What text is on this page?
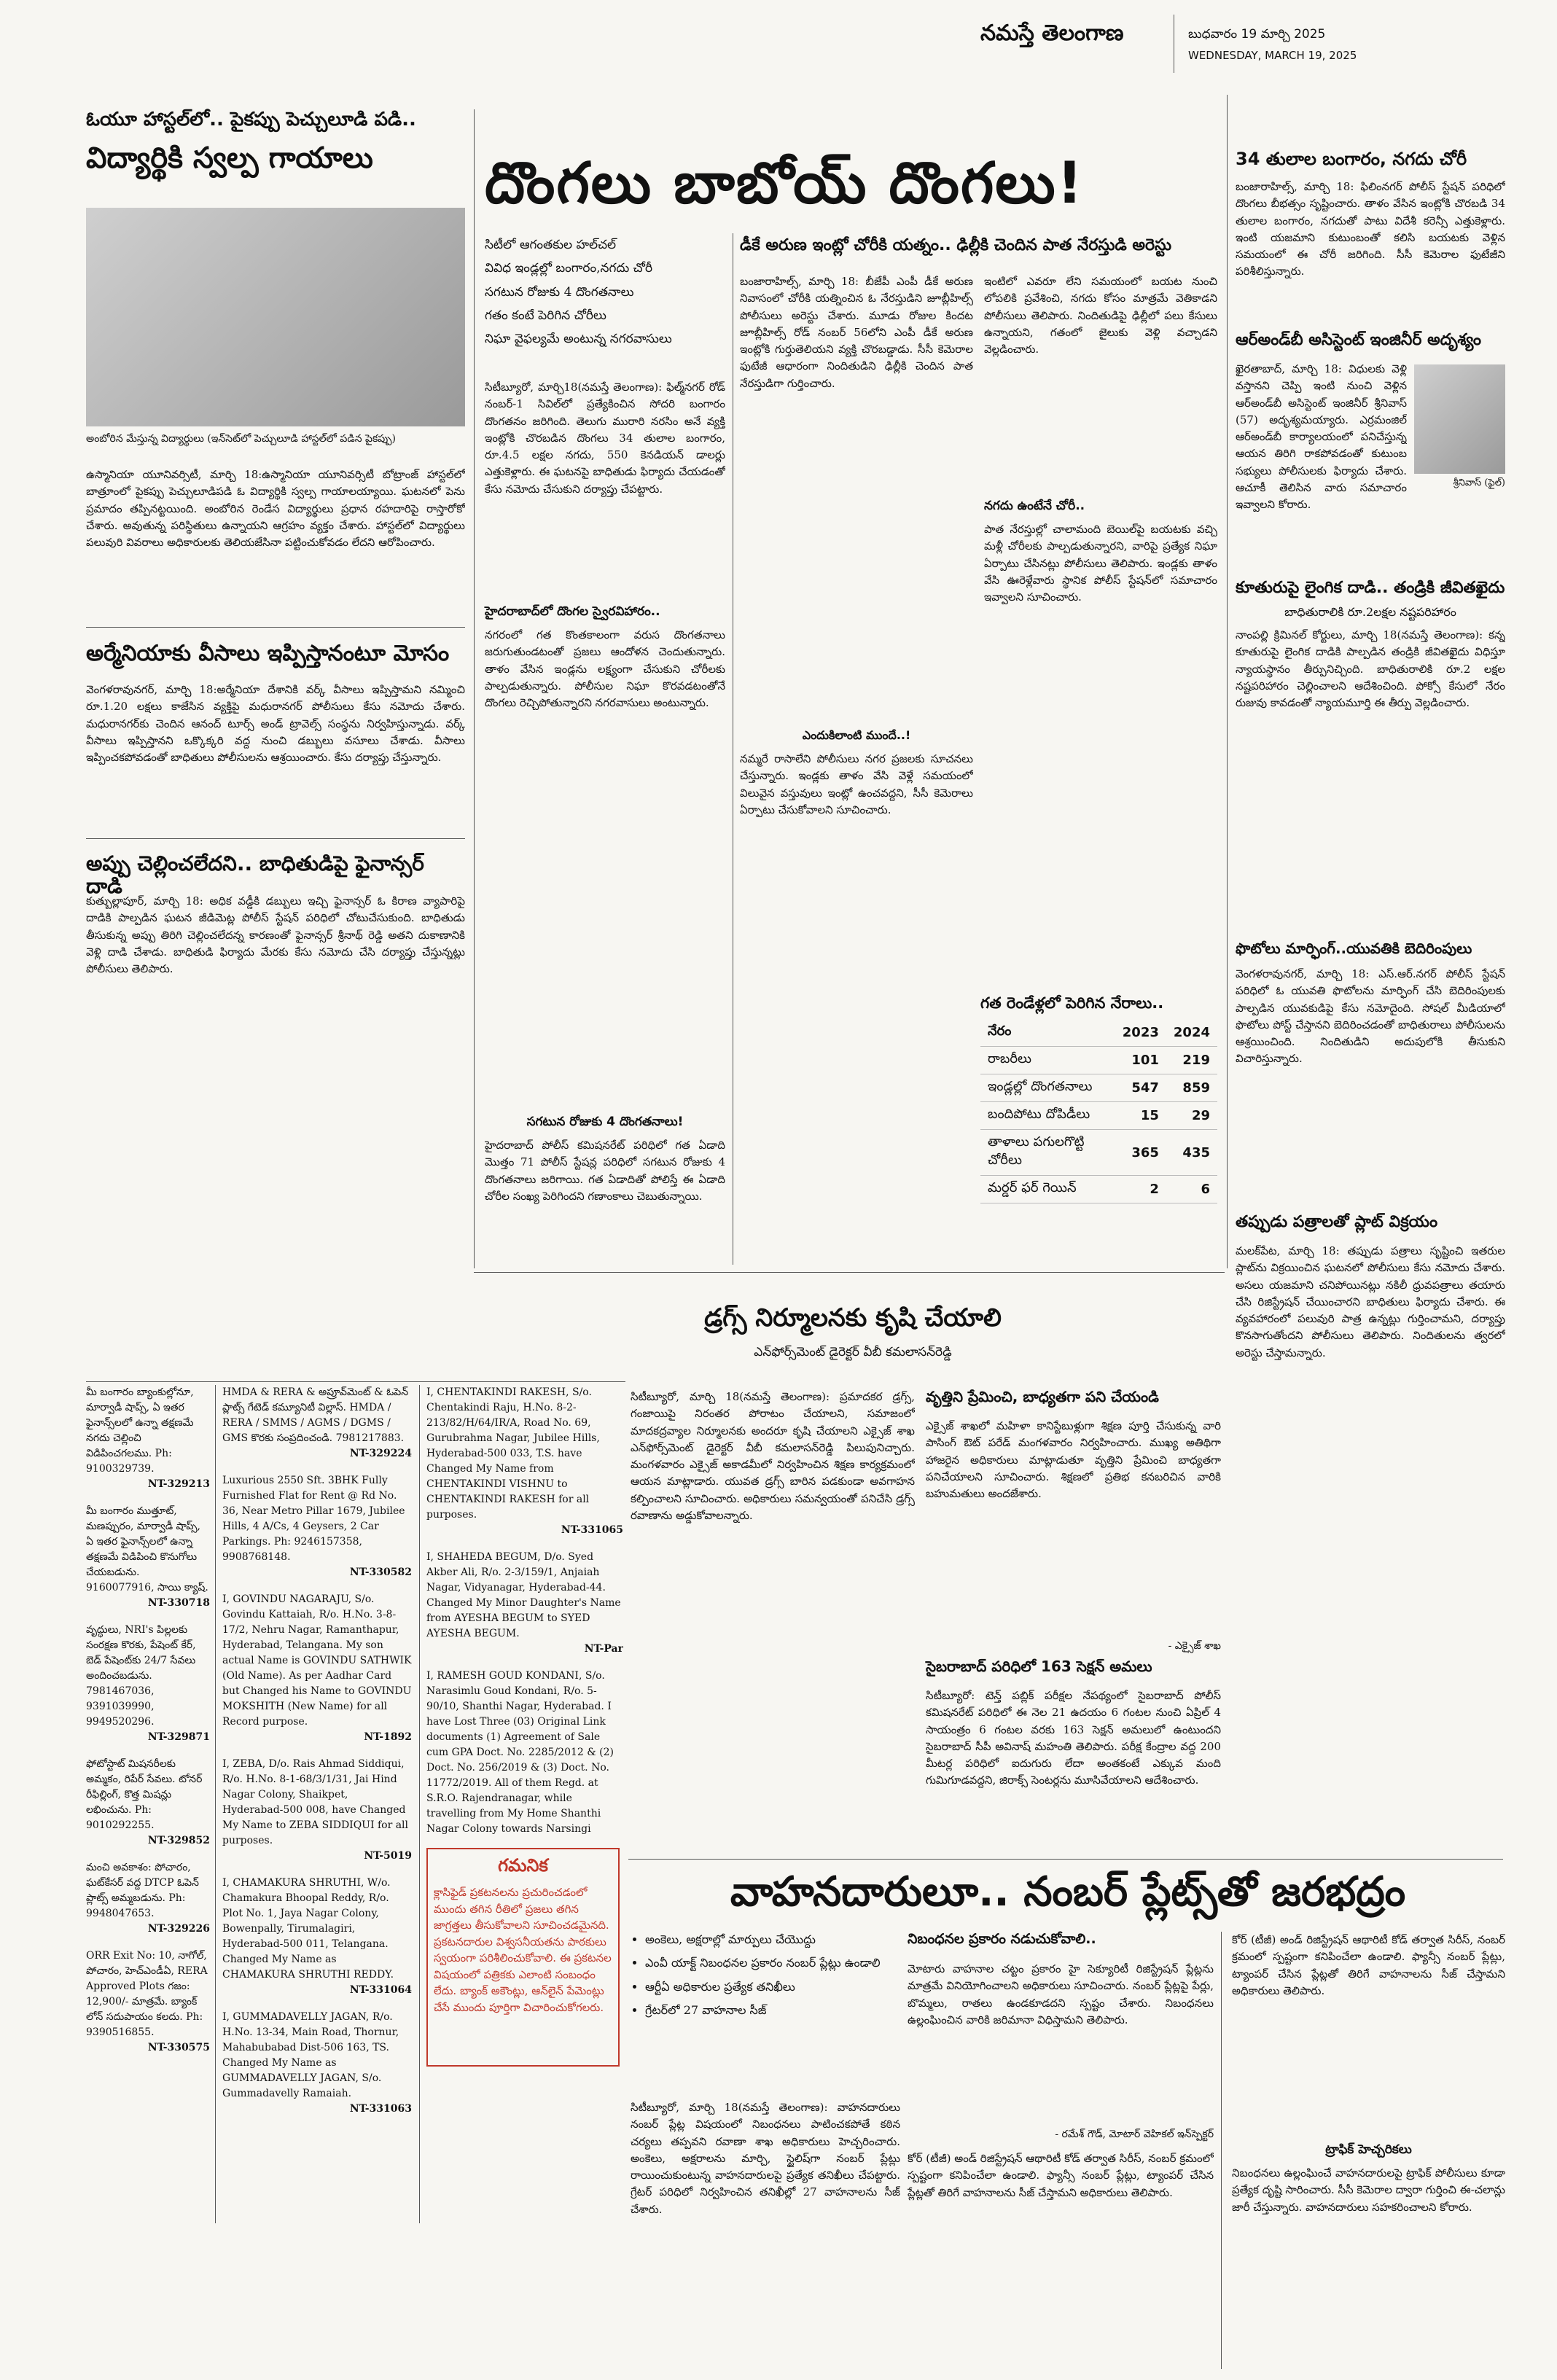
నమస్తే తెలంగాణ	బుధవారం 19 మార్చి 2025
WEDNESDAY, MARCH 19, 2025
ఓయూ హాస్టల్‌లో.. పైకప్పు పెచ్చులూడి పడి..
విద్యార్థికి స్వల్ప గాయాలు
అంబోరిన మేస్తున్న విద్యార్థులు (ఇన్‌సెట్‌లో పెచ్చులూడి హాస్టల్‌లో పడిన పైకప్పు)
ఉస్మానియా యూనివర్సిటీ, మార్చి 18:ఉస్మానియా యూనివర్సిటీ బోట్రాంజ్ హాస్టల్‌లో బాత్రూంలో పైకప్పు పెచ్చులూడిపడి ఓ విద్యార్థికి స్వల్ప గాయాలయ్యాయి. ఘటనలో పెను ప్రమాదం తప్పినట్టయింది. అంబోరిన రెండేస విద్యార్థులు ప్రధాన రహదారిపై రాస్తారోకో చేశారు. అవుతున్న పరిస్థితులు ఉన్నాయని ఆగ్రహం వ్యక్తం చేశారు. హాస్టల్‌లో విద్యార్థులు పలువురి వివరాలు అధికారులకు తెలియజేసినా పట్టించుకోవడం లేదని ఆరోపించారు.
అర్మేనియాకు వీసాలు ఇప్పిస్తానంటూ మోసం
వెంగళరావునగర్, మార్చి 18:అర్మేనియా దేశానికి వర్క్ వీసాలు ఇప్పిస్తామని నమ్మించి రూ.1.20 లక్షలు కాజేసిన వ్యక్తిపై మధురానగర్ పోలీసులు కేసు నమోదు చేశారు. మధురానగర్‌కు చెందిన ఆనంద్ టూర్స్ అండ్ ట్రావెల్స్ సంస్థను నిర్వహిస్తున్నాడు. వర్క్ వీసాలు ఇప్పిస్తానని ఒక్కొక్కరి వద్ద నుంచి డబ్బులు వసూలు చేశాడు. వీసాలు ఇప్పించకపోవడంతో బాధితులు పోలీసులను ఆశ్రయించారు. కేసు దర్యాప్తు చేస్తున్నారు.
అప్పు చెల్లించలేదని.. బాధితుడిపై ఫైనాన్సర్ దాడి
కుత్బుల్లాపూర్, మార్చి 18: అధిక వడ్డీకి డబ్బులు ఇచ్చి ఫైనాన్సర్ ఓ కిరాణ వ్యాపారిపై దాడికి పాల్పడిన ఘటన జీడిమెట్ల పోలీస్ స్టేషన్ పరిధిలో చోటుచేసుకుంది. బాధితుడు తీసుకున్న అప్పు తిరిగి చెల్లించలేదన్న కారణంతో ఫైనాన్సర్ శ్రీనాథ్ రెడ్డి అతని దుకాణానికి వెళ్లి దాడి చేశాడు. బాధితుడి ఫిర్యాదు మేరకు కేసు నమోదు చేసి దర్యాప్తు చేస్తున్నట్లు పోలీసులు తెలిపారు.
దొంగలు బాబోయ్ దొంగలు!
సిటీలో ఆగంతకుల హల్‌చల్
వివిధ ఇండ్లల్లో బంగారం,నగదు చోరీ
సగటున రోజుకు 4 దొంగతనాలు
గతం కంటే పెరిగిన చోరీలు
నిఘా వైఫల్యమే అంటున్న నగరవాసులు
సిటీబ్యూరో, మార్చి18(నమస్తే తెలంగాణ): ఫిల్మ్‌నగర్ రోడ్ నంబర్-1 సివిల్‌లో ప్రత్యేకించిన సోదరి బంగారం దొంగతనం జరిగింది. తెలుగు మురారి నరసిం అనే వ్యక్తి ఇంట్లోకి చొరబడిన దొంగలు 34 తులాల బంగారం, రూ.4.5 లక్షల నగదు, 550 కెనడియన్ డాలర్లు ఎత్తుకెళ్లారు. ఈ ఘటనపై బాధితుడు ఫిర్యాదు చేయడంతో కేసు నమోదు చేసుకుని దర్యాప్తు చేపట్టారు.
హైదరాబాద్‌లో దొంగల స్వైరవిహారం..
నగరంలో గత కొంతకాలంగా వరుస దొంగతనాలు జరుగుతుండటంతో ప్రజలు ఆందోళన చెందుతున్నారు. తాళం వేసిన ఇండ్లను లక్ష్యంగా చేసుకుని చోరీలకు పాల్పడుతున్నారు. పోలీసుల నిఘా కొరవడటంతోనే దొంగలు రెచ్చిపోతున్నారని నగరవాసులు అంటున్నారు.
సగటున రోజుకు 4 దొంగతనాలు!
హైదరాబాద్ పోలీస్ కమిషనరేట్ పరిధిలో గత ఏడాది మొత్తం 71 పోలీస్ స్టేషన్ల పరిధిలో సగటున రోజుకు 4 దొంగతనాలు జరిగాయి. గత ఏడాదితో పోలిస్తే ఈ ఏడాది చోరీల సంఖ్య పెరిగిందని గణాంకాలు చెబుతున్నాయి.
డీకే అరుణ ఇంట్లో చోరీకి యత్నం.. ఢిల్లీకి చెందిన పాత నేరస్తుడి అరెస్టు
బంజారాహిల్స్, మార్చి 18: బీజేపీ ఎంపీ డీకే అరుణ నివాసంలో చోరీకి యత్నించిన ఓ నేరస్తుడిని జూబ్లీహిల్స్ పోలీసులు అరెస్టు చేశారు. మూడు రోజుల కిందట జూబ్లీహిల్స్ రోడ్ నంబర్ 56లోని ఎంపీ డీకే అరుణ ఇంట్లోకి గుర్తుతెలియని వ్యక్తి చొరబడ్డాడు. సీసీ కెమెరాల ఫుటేజీ ఆధారంగా నిందితుడిని ఢిల్లీకి చెందిన పాత నేరస్తుడిగా గుర్తించారు.
ఇంటిలో ఎవరూ లేని సమయంలో బయట నుంచి లోపలికి ప్రవేశించి, నగదు కోసం మాత్రమే వెతికాడని పోలీసులు తెలిపారు. నిందితుడిపై ఢిల్లీలో పలు కేసులు ఉన్నాయని, గతంలో జైలుకు వెళ్లి వచ్చాడని వెల్లడించారు.
నగదు ఉంటేనే చోరీ..
పాత నేరస్తుల్లో చాలామంది బెయిల్‌పై బయటకు వచ్చి మళ్లీ చోరీలకు పాల్పడుతున్నారని, వారిపై ప్రత్యేక నిఘా ఏర్పాటు చేసినట్లు పోలీసులు తెలిపారు. ఇండ్లకు తాళం వేసి ఊరెళ్లేవారు స్థానిక పోలీస్ స్టేషన్‌లో సమాచారం ఇవ్వాలని సూచించారు.
ఎందుకిలాంటి ముందే..!
నమ్మరే రాసాలేని పోలీసులు నగర ప్రజలకు సూచనలు చేస్తున్నారు. ఇండ్లకు తాళం వేసి వెళ్లే సమయంలో విలువైన వస్తువులు ఇంట్లో ఉంచవద్దని, సీసీ కెమెరాలు ఏర్పాటు చేసుకోవాలని సూచించారు.
గత రెండేళ్లలో పెరిగిన నేరాలు..
నేరం	2023	2024
రాబరీలు	101	219
ఇండ్లల్లో దొంగతనాలు	547	859
బందిపోటు దోపిడీలు	15	29
తాళాలు పగులగొట్టి చోరీలు	365	435
మర్డర్ ఫర్ గెయిన్	2	6
34 తులాల బంగారం, నగదు చోరీ
బంజారాహిల్స్, మార్చి 18: ఫిలింనగర్ పోలీస్ స్టేషన్ పరిధిలో దొంగలు బీభత్సం సృష్టించారు. తాళం వేసిన ఇంట్లోకి చొరబడి 34 తులాల బంగారం, నగదుతో పాటు విదేశీ కరెన్సీ ఎత్తుకెళ్లారు. ఇంటి యజమాని కుటుంబంతో కలిసి బయటకు వెళ్లిన సమయంలో ఈ చోరీ జరిగింది. సీసీ కెమెరాల ఫుటేజీని పరిశీలిస్తున్నారు.
ఆర్‌అండ్‌బీ అసిస్టెంట్ ఇంజినీర్ అదృశ్యం
శ్రీనివాస్ (ఫైల్)
ఖైరతాబాద్, మార్చి 18: విధులకు వెళ్లి వస్తానని చెప్పి ఇంటి నుంచి వెళ్లిన ఆర్‌అండ్‌బీ అసిస్టెంట్ ఇంజినీర్ శ్రీనివాస్ (57) అదృశ్యమయ్యారు. ఎర్రమంజిల్ ఆర్‌అండ్‌బీ కార్యాలయంలో పనిచేస్తున్న ఆయన తిరిగి రాకపోవడంతో కుటుంబ సభ్యులు పోలీసులకు ఫిర్యాదు చేశారు. ఆచూకీ తెలిసిన వారు సమాచారం ఇవ్వాలని కోరారు.
కూతురుపై లైంగిక దాడి.. తండ్రికి జీవితఖైదు
బాధితురాలికి రూ.2లక్షల నష్టపరిహారం
నాంపల్లి క్రిమినల్ కోర్టులు, మార్చి 18(నమస్తే తెలంగాణ): కన్న కూతురుపై లైంగిక దాడికి పాల్పడిన తండ్రికి జీవితఖైదు విధిస్తూ న్యాయస్థానం తీర్పునిచ్చింది. బాధితురాలికి రూ.2 లక్షల నష్టపరిహారం చెల్లించాలని ఆదేశించింది. పోక్సో కేసులో నేరం రుజువు కావడంతో న్యాయమూర్తి ఈ తీర్పు వెల్లడించారు.
ఫొటోలు మార్ఫింగ్..యువతికి బెదిరింపులు
వెంగళరావునగర్, మార్చి 18: ఎస్.ఆర్.నగర్ పోలీస్ స్టేషన్ పరిధిలో ఓ యువతి ఫొటోలను మార్ఫింగ్ చేసి బెదిరింపులకు పాల్పడిన యువకుడిపై కేసు నమోదైంది. సోషల్ మీడియాలో ఫొటోలు పోస్ట్ చేస్తానని బెదిరించడంతో బాధితురాలు పోలీసులను ఆశ్రయించింది. నిందితుడిని అదుపులోకి తీసుకుని విచారిస్తున్నారు.
తప్పుడు పత్రాలతో ప్లాట్ విక్రయం
మలక్‌పేట, మార్చి 18: తప్పుడు పత్రాలు సృష్టించి ఇతరుల ప్లాట్‌ను విక్రయించిన ఘటనలో పోలీసులు కేసు నమోదు చేశారు. అసలు యజమాని చనిపోయినట్లు నకిలీ ధ్రువపత్రాలు తయారు చేసి రిజిస్ట్రేషన్ చేయించారని బాధితులు ఫిర్యాదు చేశారు. ఈ వ్యవహారంలో పలువురి పాత్ర ఉన్నట్లు గుర్తించామని, దర్యాప్తు కొనసాగుతోందని పోలీసులు తెలిపారు. నిందితులను త్వరలో అరెస్టు చేస్తామన్నారు.
డ్రగ్స్ నిర్మూలనకు కృషి చేయాలి
ఎన్‌ఫోర్స్‌మెంట్ డైరెక్టర్ వీబీ కమలాసన్‌రెడ్డి
సిటీబ్యూరో, మార్చి 18(నమస్తే తెలంగాణ): ప్రమాదకర డ్రగ్స్, గంజాయిపై నిరంతర పోరాటం చేయాలని, సమాజంలో మాదకద్రవ్యాల నిర్మూలనకు అందరూ కృషి చేయాలని ఎక్సైజ్ శాఖ ఎన్‌ఫోర్స్‌మెంట్ డైరెక్టర్ వీబీ కమలాసన్‌రెడ్డి పిలుపునిచ్చారు. మంగళవారం ఎక్సైజ్ అకాడమీలో నిర్వహించిన శిక్షణ కార్యక్రమంలో ఆయన మాట్లాడారు. యువత డ్రగ్స్ బారిన పడకుండా అవగాహన కల్పించాలని సూచించారు. అధికారులు సమన్వయంతో పనిచేసి డ్రగ్స్ రవాణాను అడ్డుకోవాలన్నారు.
వృత్తిని ప్రేమించి, బాధ్యతగా పని చేయండి
ఎక్సైజ్ శాఖలో మహిళా కానిస్టేబుళ్లుగా శిక్షణ పూర్తి చేసుకున్న వారి పాసింగ్ ఔట్ పరేడ్ మంగళవారం నిర్వహించారు. ముఖ్య అతిథిగా హాజరైన అధికారులు మాట్లాడుతూ వృత్తిని ప్రేమించి బాధ్యతగా పనిచేయాలని సూచించారు. శిక్షణలో ప్రతిభ కనబరిచిన వారికి బహుమతులు అందజేశారు.
- ఎక్సైజ్ శాఖ
సైబరాబాద్ పరిధిలో 163 సెక్షన్ అమలు
సిటీబ్యూరో: టెన్త్ పబ్లిక్ పరీక్షల నేపథ్యంలో సైబరాబాద్ పోలీస్ కమిషనరేట్ పరిధిలో ఈ నెల 21 ఉదయం 6 గంటల నుంచి ఏప్రిల్ 4 సాయంత్రం 6 గంటల వరకు 163 సెక్షన్ అమలులో ఉంటుందని సైబరాబాద్ సీపీ అవినాష్ మహంతి తెలిపారు. పరీక్ష కేంద్రాల వద్ద 200 మీటర్ల పరిధిలో ఐదుగురు లేదా అంతకంటే ఎక్కువ మంది గుమిగూడవద్దని, జిరాక్స్ సెంటర్లను మూసివేయాలని ఆదేశించారు.
మీ బంగారం బ్యాంకుల్లోనూ, మార్వాడీ షాప్స్, ఏ ఇతర ఫైనాన్స్‌లలో ఉన్నా తక్షణమే నగదు చెల్లించి విడిపించగలము. Ph: 9100329739.
NT-329213
మీ బంగారం ముత్తూట్, మణప్పురం, మార్వాడీ షాప్స్, ఏ ఇతర ఫైనాన్స్‌లలో ఉన్నా తక్షణమే విడిపించి కొనుగోలు చేయబడును. 9160077916, సాయి క్యాష్.
NT-330718
వృద్ధులు, NRI's పిల్లలకు సంరక్షణ కొరకు, పేషెంట్ కేర్, బెడ్ పేషెంట్‌కు 24/7 సేవలు అందించబడును. 7981467036, 9391039990, 9949520296.
NT-329871
ఫోటోస్టాట్ మిషనరీలకు అమ్మకం, రిపేర్ సేవలు. టోనర్ రీఫిల్లింగ్, కొత్త మిషన్లు లభించును. Ph: 9010292255.
NT-329852
మంచి అవకాశం: పోచారం, ఘట్‌కేసర్ వద్ద DTCP ఓపెన్ ప్లాట్స్ అమ్మబడును. Ph: 9948047653.
NT-329226
ORR Exit No: 10, నాగోల్, పోచారం, హెచ్ఎండీఏ, RERA Approved Plots గజం: 12,900/- మాత్రమే. బ్యాంక్ లోన్ సదుపాయం కలదు. Ph: 9390516855.
NT-330575
HMDA & RERA & అప్రూవ్‌మెంట్ & ఓపెన్ ప్లాట్స్ గేటెడ్ కమ్యూనిటీ విల్లాస్. HMDA / RERA / SMMS / AGMS / DGMS / GMS కొరకు సంప్రదించండి. 7981217883.
NT-329224
Luxurious 2550 Sft. 3BHK Fully Furnished Flat for Rent @ Rd No. 36, Near Metro Pillar 1679, Jubilee Hills, 4 A/Cs, 4 Geysers, 2 Car Parkings. Ph: 9246157358, 9908768148.
NT-330582
I, GOVINDU NAGARAJU, S/o. Govindu Kattaiah, R/o. H.No. 3-8-17/2, Nehru Nagar, Ramanthapur, Hyderabad, Telangana. My son actual Name is GOVINDU SATHWIK (Old Name). As per Aadhar Card but Changed his Name to GOVINDU MOKSHITH (New Name) for all Record purpose.
NT-1892
I, ZEBA, D/o. Rais Ahmad Siddiqui, R/o. H.No. 8-1-68/3/1/31, Jai Hind Nagar Colony, Shaikpet, Hyderabad-500 008, have Changed My Name to ZEBA SIDDIQUI for all purposes.
NT-5019
I, CHAMAKURA SHRUTHI, W/o. Chamakura Bhoopal Reddy, R/o. Plot No. 1, Jaya Nagar Colony, Bowenpally, Tirumalagiri, Hyderabad-500 011, Telangana. Changed My Name as CHAMAKURA SHRUTHI REDDY.
NT-331064
I, GUMMADAVELLY JAGAN, R/o. H.No. 13-34, Main Road, Thornur, Mahabubabad Dist-506 163, TS. Changed My Name as GUMMADAVELLY JAGAN, S/o. Gummadavelly Ramaiah.
NT-331063
I, CHENTAKINDI RAKESH, S/o. Chentakindi Raju, H.No. 8-2-213/82/H/64/IR/A, Road No. 69, Gurubrahma Nagar, Jubilee Hills, Hyderabad-500 033, T.S. have Changed My Name from CHENTAKINDI VISHNU to CHENTAKINDI RAKESH for all purposes.
NT-331065
I, SHAHEDA BEGUM, D/o. Syed Akber Ali, R/o. 2-3/159/1, Anjaiah Nagar, Vidyanagar, Hyderabad-44. Changed My Minor Daughter's Name from AYESHA BEGUM to SYED AYESHA BEGUM.
NT-Par
I, RAMESH GOUD KONDANI, S/o. Narasimlu Goud Kondani, R/o. 5-90/10, Shanthi Nagar, Hyderabad. I have Lost Three (03) Original Link documents (1) Agreement of Sale cum GPA Doct. No. 2285/2012 & (2) Doct. No. 256/2019 & (3) Doct. No. 11772/2019. All of them Regd. at S.R.O. Rajendranagar, while travelling from My Home Shanthi Nagar Colony towards Narsingi
గమనిక
క్లాసిఫైడ్ ప్రకటనలను ప్రచురించడంలో ముందు తగిన రీతిలో ప్రజలు తగిన జాగ్రత్తలు తీసుకోవాలని సూచించడమైనది. ప్రకటనదారుల విశ్వసనీయతను పాఠకులు స్వయంగా పరిశీలించుకోవాలి. ఈ ప్రకటనల విషయంలో పత్రికకు ఎలాంటి సంబంధం లేదు. బ్యాంక్ అకౌంట్లు, ఆన్‌లైన్ పేమెంట్లు చేసే ముందు పూర్తిగా విచారించుకోగలరు.
వాహనదారులూ.. నంబర్ ప్లేట్స్‌తో జరభద్రం
• అంకెలు, అక్షరాల్లో మార్పులు చేయొద్దు
• ఎంవీ యాక్ట్ నిబంధనల ప్రకారం నంబర్ ప్లేట్లు ఉండాలి
• ఆర్టీఏ అధికారుల ప్రత్యేక తనిఖీలు
• గ్రేటర్‌లో 27 వాహనాల సీజ్
సిటీబ్యూరో, మార్చి 18(నమస్తే తెలంగాణ): వాహనదారులు నంబర్ ప్లేట్ల విషయంలో నిబంధనలు పాటించకపోతే కఠిన చర్యలు తప్పవని రవాణా శాఖ అధికారులు హెచ్చరించారు. అంకెలు, అక్షరాలను మార్చి, స్టైలిష్‌గా నంబర్ ప్లేట్లు రాయించుకుంటున్న వాహనదారులపై ప్రత్యేక తనిఖీలు చేపట్టారు. గ్రేటర్ పరిధిలో నిర్వహించిన తనిఖీల్లో 27 వాహనాలను సీజ్ చేశారు.
నిబంధనల ప్రకారం నడుచుకోవాలి..
మోటారు వాహనాల చట్టం ప్రకారం హై సెక్యూరిటీ రిజిస్ట్రేషన్ ప్లేట్లను మాత్రమే వినియోగించాలని అధికారులు సూచించారు. నంబర్ ప్లేట్లపై పేర్లు, బొమ్మలు, రాతలు ఉండకూడదని స్పష్టం చేశారు. నిబంధనలు ఉల్లంఘించిన వారికి జరిమానా విధిస్తామని తెలిపారు.
- రమేశ్ గౌడ్, మోటార్ వెహికల్ ఇన్‌స్పెక్టర్
కోర్ (టీజీ) అండ్ రిజిస్ట్రేషన్ ఆథారిటీ కోడ్ తర్వాత సిరీస్, నంబర్ క్రమంలో స్పష్టంగా కనిపించేలా ఉండాలి. ఫ్యాన్సీ నంబర్ ప్లేట్లు, ట్యాంపర్ చేసిన ప్లేట్లతో తిరిగే వాహనాలను సీజ్ చేస్తామని అధికారులు తెలిపారు.
ట్రాఫిక్ హెచ్చరికలు
నిబంధనలు ఉల్లంఘించే వాహనదారులపై ట్రాఫిక్ పోలీసులు కూడా ప్రత్యేక దృష్టి సారించారు. సీసీ కెమెరాల ద్వారా గుర్తించి ఈ-చలాన్లు జారీ చేస్తున్నారు. వాహనదారులు సహకరించాలని కోరారు.
కోర్ (టీజీ) అండ్ రిజిస్ట్రేషన్ ఆథారిటీ కోడ్ తర్వాత సిరీస్, నంబర్ క్రమంలో స్పష్టంగా కనిపించేలా ఉండాలి. ఫ్యాన్సీ నంబర్ ప్లేట్లు, ట్యాంపర్ చేసిన ప్లేట్లతో తిరిగే వాహనాలను సీజ్ చేస్తామని అధికారులు తెలిపారు.
